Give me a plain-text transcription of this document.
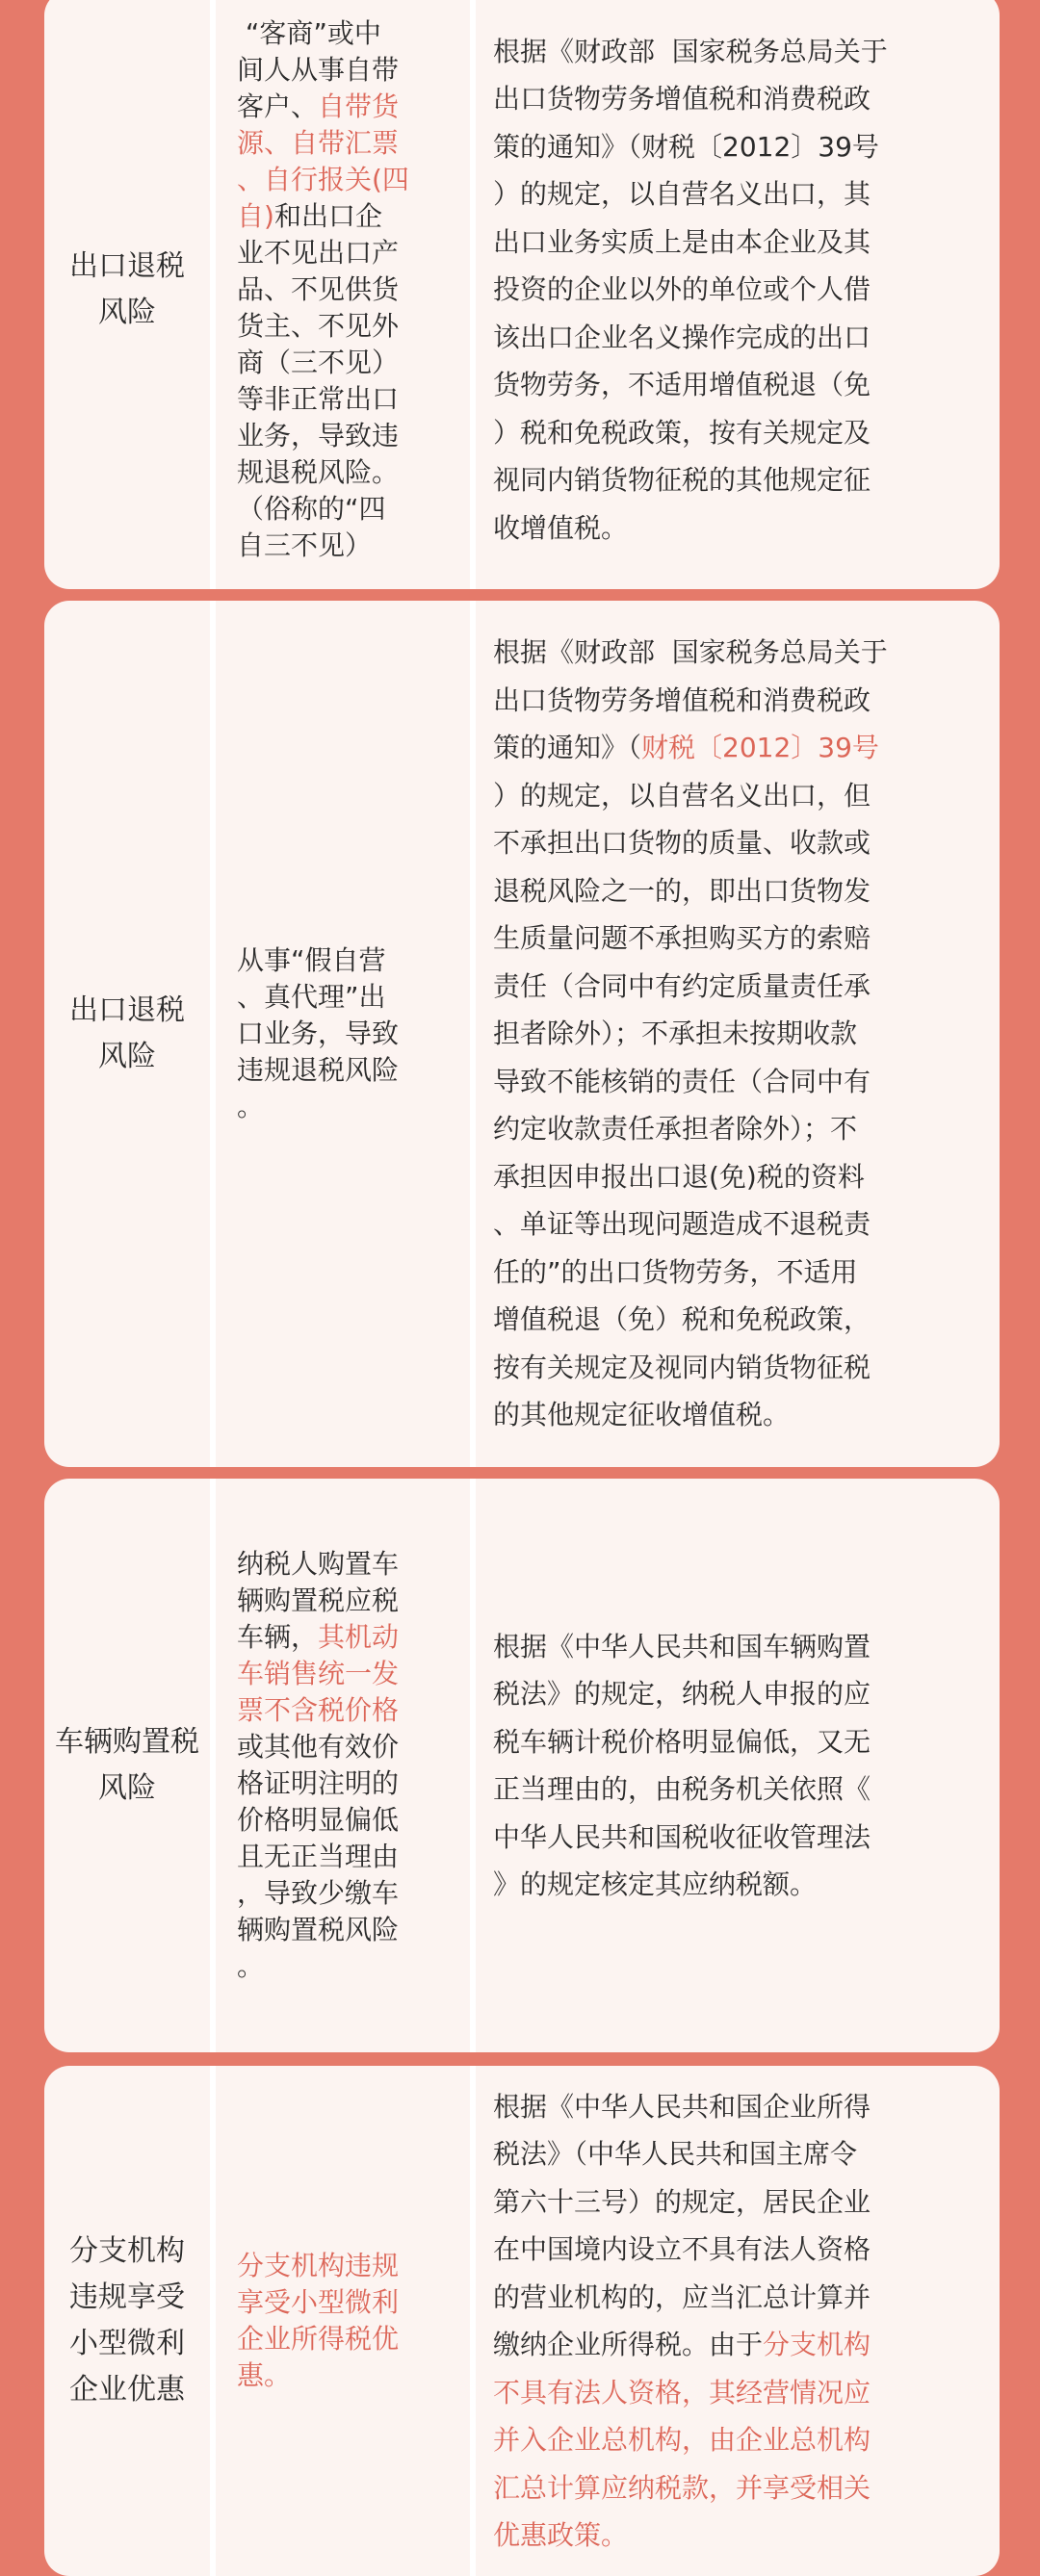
出口退税
风险
“客商”或中
间人从事自带
客户、自带货
源、自带汇票
、自行报关(四
自)和出口企
业不见出口产
品、不见供货
货主、不见外
商（三不见）
等非正常出口
业务，导致违
规退税风险。
（俗称的“四
自三不见）
根据《财政部  国家税务总局关于
出口货物劳务增值税和消费税政
策的通知》（财税〔2012〕39号
）的规定，以自营名义出口，其
出口业务实质上是由本企业及其
投资的企业以外的单位或个人借
该出口企业名义操作完成的出口
货物劳务，不适用增值税退（免
）税和免税政策，按有关规定及
视同内销货物征税的其他规定征
收增值税。
出口退税
风险
从事“假自营
、真代理”出
口业务，导致
违规退税风险
。
根据《财政部  国家税务总局关于
出口货物劳务增值税和消费税政
策的通知》（财税〔2012〕39号
）的规定，以自营名义出口，但
不承担出口货物的质量、收款或
退税风险之一的，即出口货物发
生质量问题不承担购买方的索赔
责任（合同中有约定质量责任承
担者除外）；不承担未按期收款
导致不能核销的责任（合同中有
约定收款责任承担者除外）；不
承担因申报出口退(免)税的资料
、单证等出现问题造成不退税责
任的”的出口货物劳务，不适用
增值税退（免）税和免税政策，
按有关规定及视同内销货物征税
的其他规定征收增值税。
车辆购置税
风险
纳税人购置车
辆购置税应税
车辆，其机动
车销售统一发
票不含税价格
或其他有效价
格证明注明的
价格明显偏低
且无正当理由
，导致少缴车
辆购置税风险
。
根据《中华人民共和国车辆购置
税法》的规定，纳税人申报的应
税车辆计税价格明显偏低，又无
正当理由的，由税务机关依照《
中华人民共和国税收征收管理法
》的规定核定其应纳税额。
分支机构
违规享受
小型微利
企业优惠
分支机构违规
享受小型微利
企业所得税优
惠。
根据《中华人民共和国企业所得
税法》（中华人民共和国主席令
第六十三号）的规定，居民企业
在中国境内设立不具有法人资格
的营业机构的，应当汇总计算并
缴纳企业所得税。由于分支机构
不具有法人资格，其经营情况应
并入企业总机构，由企业总机构
汇总计算应纳税款，并享受相关
优惠政策。
